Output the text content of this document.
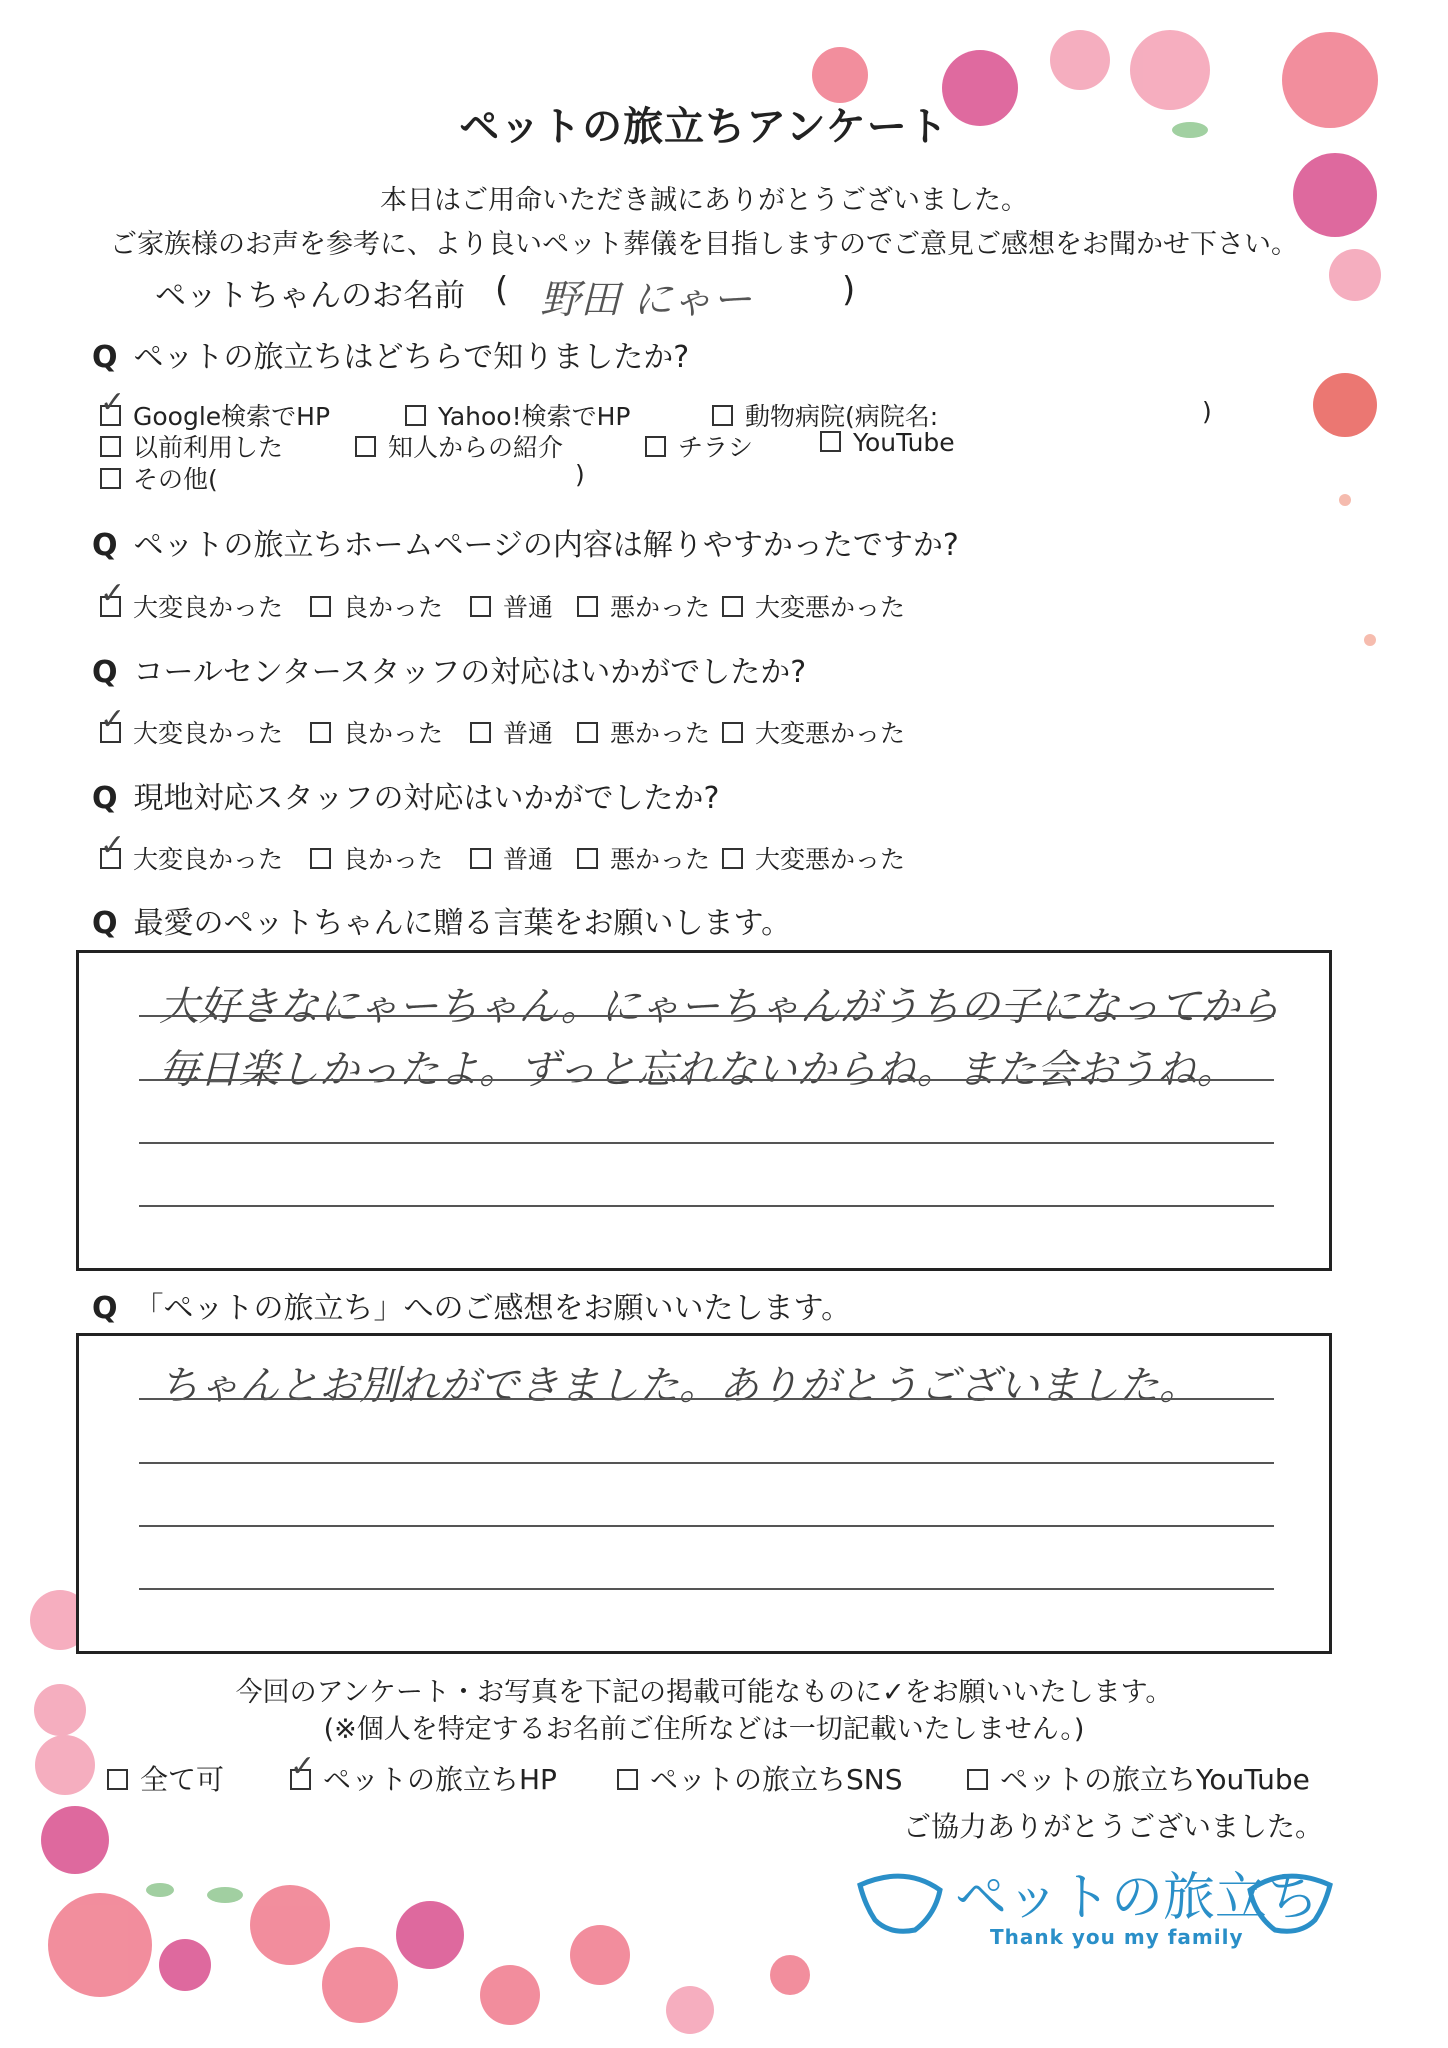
ペットの旅立ちアンケート
本日はご用命いただき誠にありがとうございました。
ご家族様のお声を参考に、より良いペット葬儀を目指しますのでご意見ご感想をお聞かせ下さい。
ペットちゃんのお名前 ( 野田 にゃー	)
Q ペットの旅立ちはどちらで知りましたか?
✓Google検索でHP	Yahoo!検索でHP	動物病院(病院名:	)
以前利用した	知人からの紹介	チラシ	YouTube
その他(	)
Q ペットの旅立ちホームページの内容は解りやすかったですか?
✓大変良かった	良かった	普通	悪かった	大変悪かった
Q コールセンタースタッフの対応はいかがでしたか?
✓大変良かった	良かった	普通	悪かった	大変悪かった
Q 現地対応スタッフの対応はいかがでしたか?
✓大変良かった	良かった	普通	悪かった	大変悪かった
Q 最愛のペットちゃんに贈る言葉をお願いします。
大好きなにゃーちゃん。にゃーちゃんがうちの子になってから
毎日楽しかったよ。ずっと忘れないからね。また会おうね。
Q 「ペットの旅立ち」へのご感想をお願いいたします。
ちゃんとお別れができました。ありがとうございました。
今回のアンケート・お写真を下記の掲載可能なものに✓をお願いいたします。
(※個人を特定するお名前ご住所などは一切記載いたしません。)
全て可
✓	ペットの旅立ちHP	ペットの旅立ちSNS	ペットの旅立ちYouTube
ご協力ありがとうございました。
ペットの旅立ち
Thank you my family
